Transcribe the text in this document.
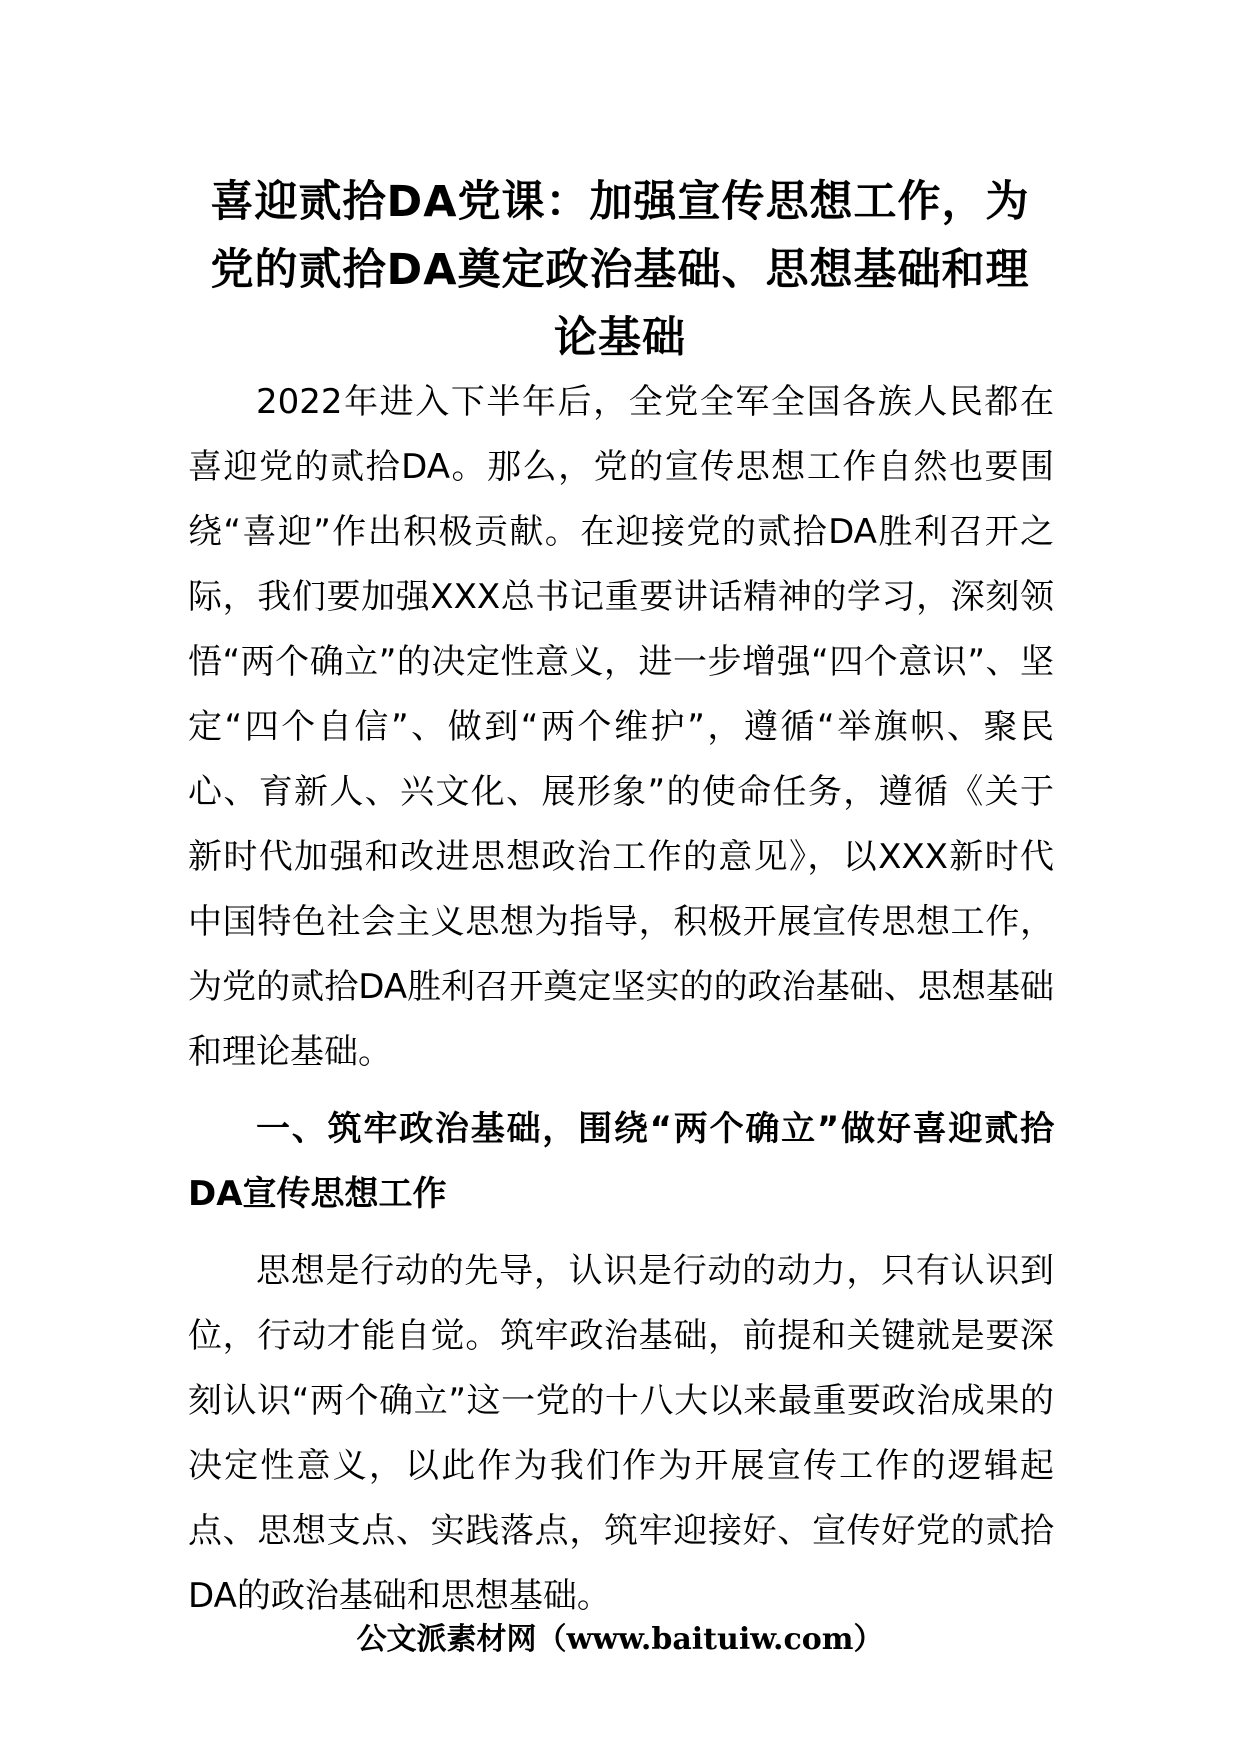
喜迎贰拾DA党课：加强宣传思想工作，为党的贰拾DA奠定政治基础、思想基础和理论基础

2022年进入下半年后，全党全军全国各族人民都在喜迎党的贰拾DA。那么，党的宣传思想工作自然也要围绕“喜迎”作出积极贡献。在迎接党的贰拾DA胜利召开之际，我们要加强XXX总书记重要讲话精神的学习，深刻领悟“两个确立”的决定性意义，进一步增强“四个意识”、坚定“四个自信”、做到“两个维护”，遵循“举旗帜、聚民心、育新人、兴文化、展形象”的使命任务，遵循《关于新时代加强和改进思想政治工作的意见》，以XXX新时代中国特色社会主义思想为指导，积极开展宣传思想工作，为党的贰拾DA胜利召开奠定坚实的的政治基础、思想基础和理论基础。

一、筑牢政治基础，围绕“两个确立”做好喜迎贰拾DA宣传思想工作

思想是行动的先导，认识是行动的动力，只有认识到位，行动才能自觉。筑牢政治基础，前提和关键就是要深刻认识“两个确立”这一党的十八大以来最重要政治成果的决定性意义，以此作为我们作为开展宣传工作的逻辑起点、思想支点、实践落点，筑牢迎接好、宣传好党的贰拾DA的政治基础和思想基础。

公文派素材网（www.baituiw.com）
